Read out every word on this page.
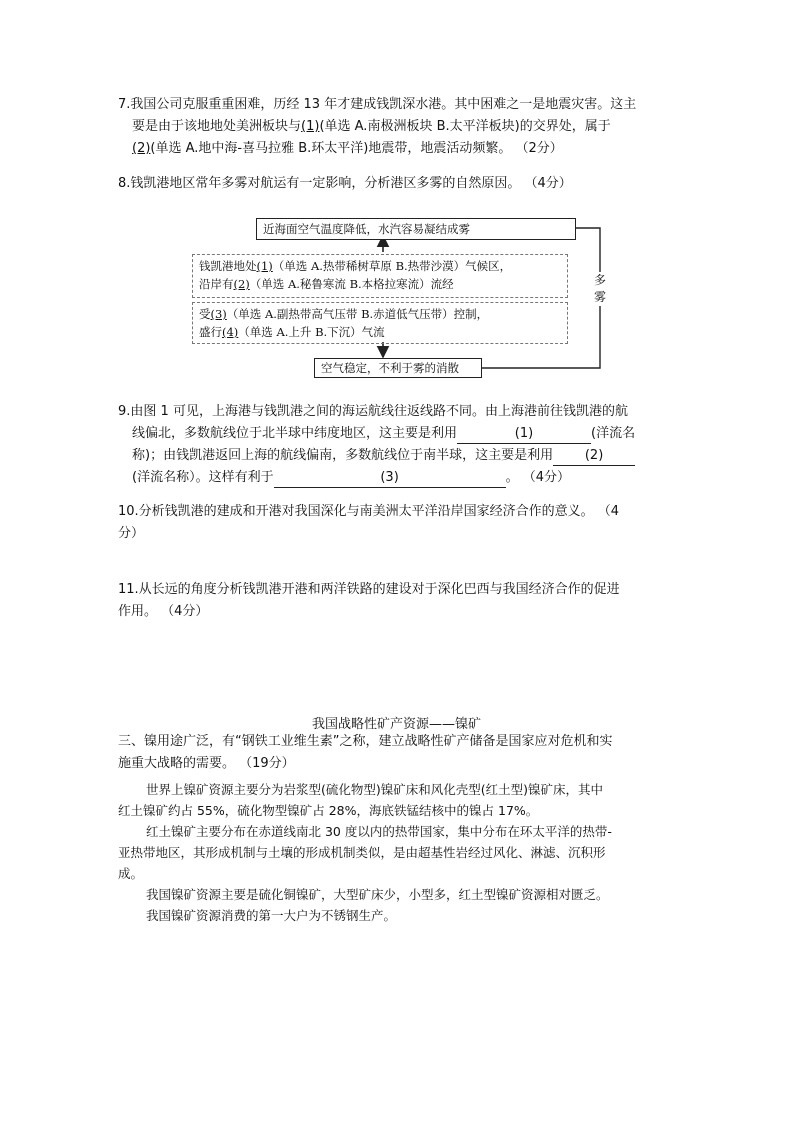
7.我国公司克服重重困难，历经 13 年才建成钱凯深水港。其中困难之一是地震灾害。这主
要是由于该地地处美洲板块与(1)(单选 A.南极洲板块 B.太平洋板块)的交界处，属于
(2)(单选 A.地中海-喜马拉雅 B.环太平洋)地震带，地震活动频繁。 （2分）
8.钱凯港地区常年多雾对航运有一定影响，分析港区多雾的自然原因。 （4分）
近海面空气温度降低，水汽容易凝结成雾
钱凯港地处(1)（单选 A.热带稀树草原 B.热带沙漠）气候区，
沿岸有(2)（单选 A.秘鲁寒流 B.本格拉寒流）流经
受(3)（单选 A.副热带高气压带 B.赤道低气压带）控制，
盛行(4)（单选 A.上升 B.下沉）气流
空气稳定，不利于雾的消散
多
雾
9.由图 1 可见，上海港与钱凯港之间的海运航线往返线路不同。由上海港前往钱凯港的航
线偏北，多数航线位于北半球中纬度地区，这主要是利用	(1)	(洋流名
称)；由钱凯港返回上海的航线偏南，多数航线位于南半球，这主要是利用 (2)
(洋流名称）。这样有利于	(3)	。 （4分）
10.分析钱凯港的建成和开港对我国深化与南美洲太平洋沿岸国家经济合作的意义。 （4
分）
11.从长远的角度分析钱凯港开港和两洋铁路的建设对于深化巴西与我国经济合作的促进
作用。 （4分）
我国战略性矿产资源——镍矿
三、镍用途广泛，有“钢铁工业维生素”之称，建立战略性矿产储备是国家应对危机和实
施重大战略的需要。 （19分）
世界上镍矿资源主要分为岩浆型(硫化物型)镍矿床和风化壳型(红土型)镍矿床，其中
红土镍矿约占 55%，硫化物型镍矿占 28%，海底铁锰结核中的镍占 17%。
红土镍矿主要分布在赤道线南北 30 度以内的热带国家，集中分布在环太平洋的热带-
亚热带地区，其形成机制与土壤的形成机制类似，是由超基性岩经过风化、淋滤、沉积形
成。
我国镍矿资源主要是硫化铜镍矿，大型矿床少，小型多，红土型镍矿资源相对匮乏。
我国镍矿资源消费的第一大户为不锈钢生产。
